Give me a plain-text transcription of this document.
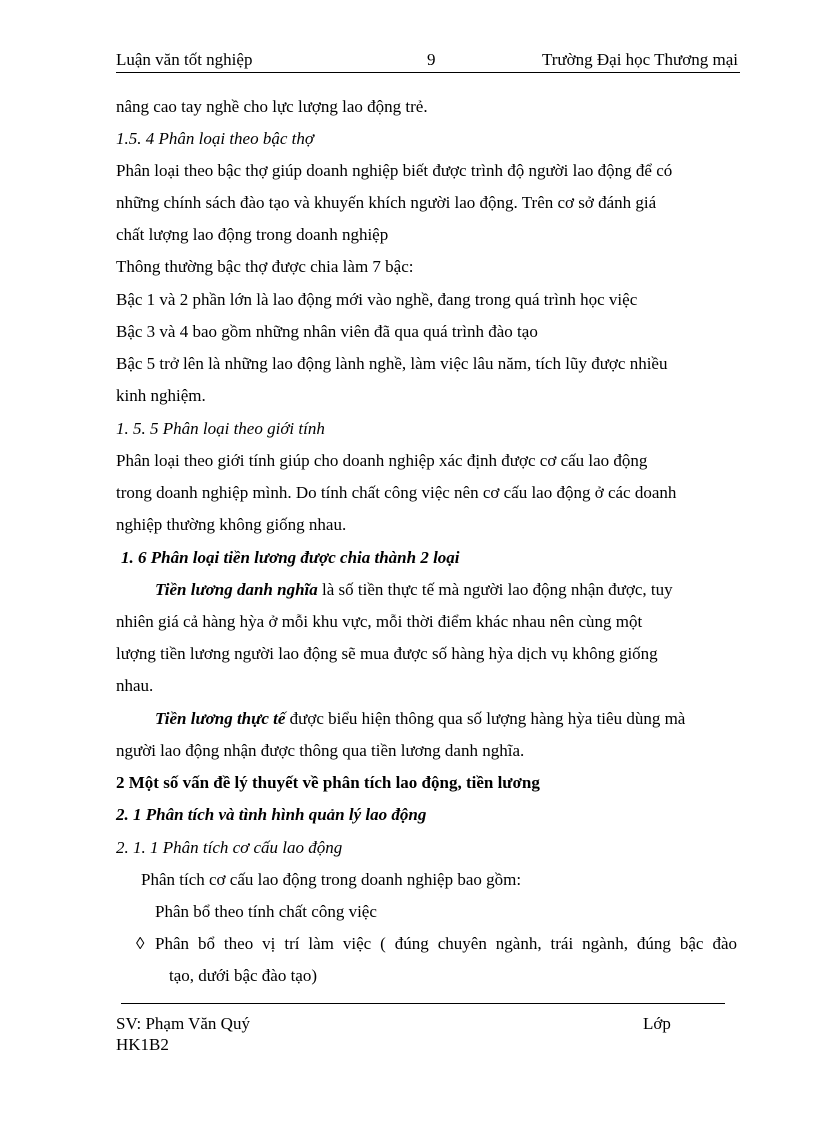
Luận văn tốt nghiệp	9	Trường Đại học Thương mại
nâng cao tay nghề cho lực lượng lao động trẻ.
1.5. 4 Phân loại theo bậc thợ
Phân loại theo bậc thợ giúp doanh nghiệp biết được trình độ người lao động để có
những chính sách đào tạo và khuyến khích người lao động. Trên cơ sở đánh giá
chất lượng lao động trong doanh nghiệp
Thông thường bậc thợ được chia làm 7 bậc:
Bậc 1 và 2 phần lớn là lao động mới vào nghề, đang trong quá trình học việc
Bậc 3 và 4 bao gồm những nhân viên đã qua quá trình đào tạo
Bậc 5 trở lên là những lao động lành nghề, làm việc lâu năm, tích lũy được nhiều
kinh nghiệm.
1. 5. 5 Phân loại theo giới tính
Phân loại theo giới tính giúp cho doanh nghiệp xác định được cơ cấu lao động
trong doanh nghiệp mình. Do tính chất công việc nên cơ cấu lao động ở các doanh
nghiệp thường không giống nhau.
1. 6 Phân loại tiền lương được chia thành 2 loại
Tiền lương danh nghĩa là số tiền thực tế mà người lao động nhận được, tuy
nhiên giá cả hàng hỳa ở mỗi khu vực, mỗi thời điểm khác nhau nên cùng một
lượng tiền lương người lao động sẽ mua được số hàng hỳa dịch vụ không giống
nhau.
Tiền lương thực tế được biểu hiện thông qua số lượng hàng hỳa tiêu dùng mà
người lao động nhận được thông qua tiền lương danh nghĩa.
2 Một số vấn đề lý thuyết về phân tích lao động, tiền lương
2. 1 Phân tích và tình hình quản lý lao động
2. 1. 1 Phân tích cơ cấu lao động
Phân tích cơ cấu lao động trong doanh nghiệp bao gồm:
Phân bổ theo tính chất công việc
◊ Phân bổ theo vị trí làm việc ( đúng chuyên ngành, trái ngành, đúng bậc đào
tạo, dưới bậc đào tạo)
SV: Phạm Văn Quý	Lớp
HK1B2
